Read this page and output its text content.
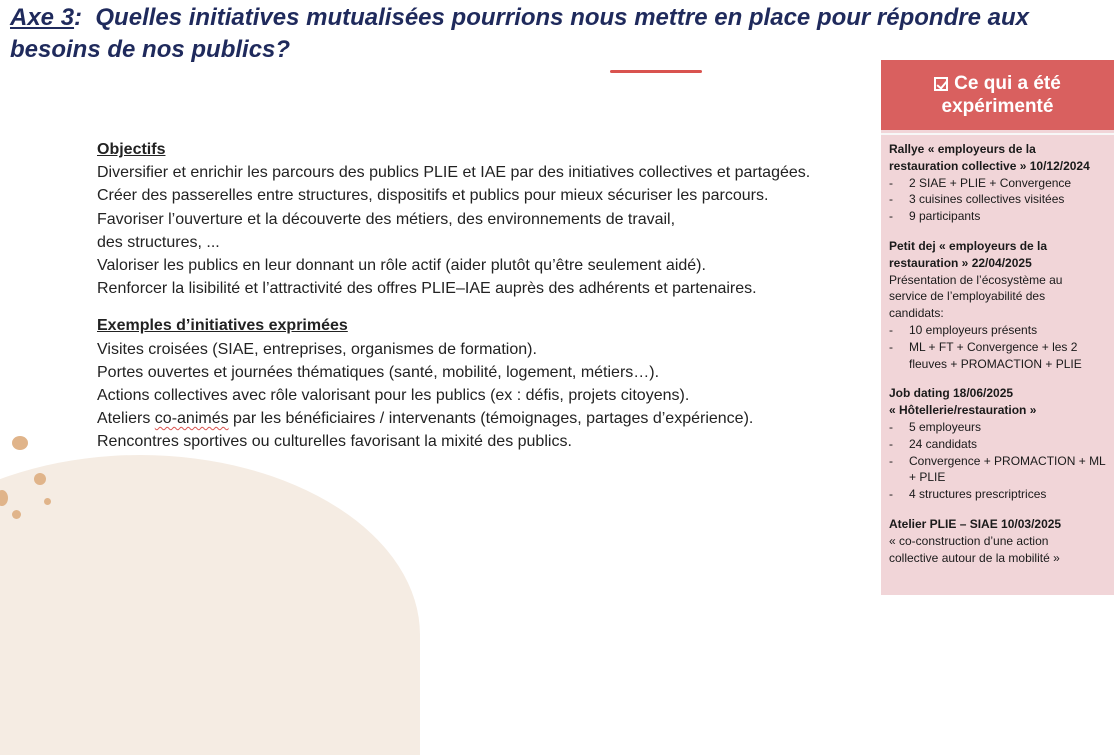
Axe 3: Quelles initiatives mutualisées pourrions nous mettre en place pour répondre aux besoins de nos publics?
Objectifs
Diversifier et enrichir les parcours des publics PLIE et IAE par des initiatives collectives et partagées.
Créer des passerelles entre structures, dispositifs et publics pour mieux sécuriser les parcours.
Favoriser l’ouverture et la découverte des métiers, des environnements de travail,
des structures, ...
Valoriser les publics en leur donnant un rôle actif (aider plutôt qu’être seulement aidé).
Renforcer la lisibilité et l’attractivité des offres PLIE–IAE auprès des adhérents et partenaires.
Exemples d’initiatives exprimées
Visites croisées (SIAE, entreprises, organismes de formation).
Portes ouvertes et journées thématiques (santé, mobilité, logement, métiers…).
Actions collectives avec rôle valorisant pour les publics (ex : défis, projets citoyens).
Ateliers co-animés par les bénéficiaires / intervenants (témoignages, partages d’expérience).
Rencontres sportives ou culturelles favorisant la mixité des publics.
Ce qui a été
expérimenté
Rallye « employeurs de la
restauration collective » 10/12/2024
- 2 SIAE + PLIE + Convergence
- 3 cuisines collectives visitées
- 9 participants
Petit dej « employeurs de la
restauration » 22/04/2025
Présentation de l’écosystème au
service de l’employabilité des
candidats:
- 10 employeurs présents
- ML + FT + Convergence + les 2 fleuves + PROMACTION + PLIE
Job dating 18/06/2025
« Hôtellerie/restauration »
- 5 employeurs
- 24 candidats
- Convergence + PROMACTION + ML + PLIE
- 4 structures prescriptrices
Atelier PLIE – SIAE 10/03/2025
« co-construction d’une action
collective autour de la mobilité »
